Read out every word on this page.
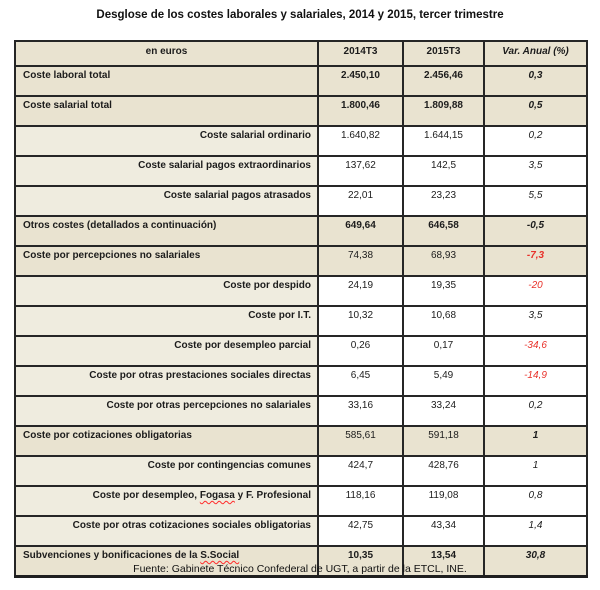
Desglose de los costes laborales y salariales, 2014 y 2015, tercer trimestre
en euros	2014T3	2015T3	Var. Anual (%)
Coste laboral total	2.450,10	2.456,46	0,3
Coste salarial total	1.800,46	1.809,88	0,5
Coste salarial ordinario	1.640,82	1.644,15	0,2
Coste salarial pagos extraordinarios	137,62	142,5	3,5
Coste salarial pagos atrasados	22,01	23,23	5,5
Otros costes (detallados a continuación)	649,64	646,58	-0,5
Coste por percepciones no salariales	74,38	68,93	-7,3
Coste por despido	24,19	19,35	-20
Coste por I.T.	10,32	10,68	3,5
Coste por desempleo parcial	0,26	0,17	-34,6
Coste por otras prestaciones sociales directas	6,45	5,49	-14,9
Coste por otras percepciones no salariales	33,16	33,24	0,2
Coste por cotizaciones obligatorias	585,61	591,18	1
Coste por contingencias comunes	424,7	428,76	1
Coste por desempleo, Fogasa y F. Profesional	118,16	119,08	0,8
Coste por otras cotizaciones sociales obligatorias	42,75	43,34	1,4
Subvenciones y bonificaciones de la S.Social	10,35	13,54	30,8
Fuente: Gabinete Técnico Confederal de UGT, a partir de la ETCL, INE.
